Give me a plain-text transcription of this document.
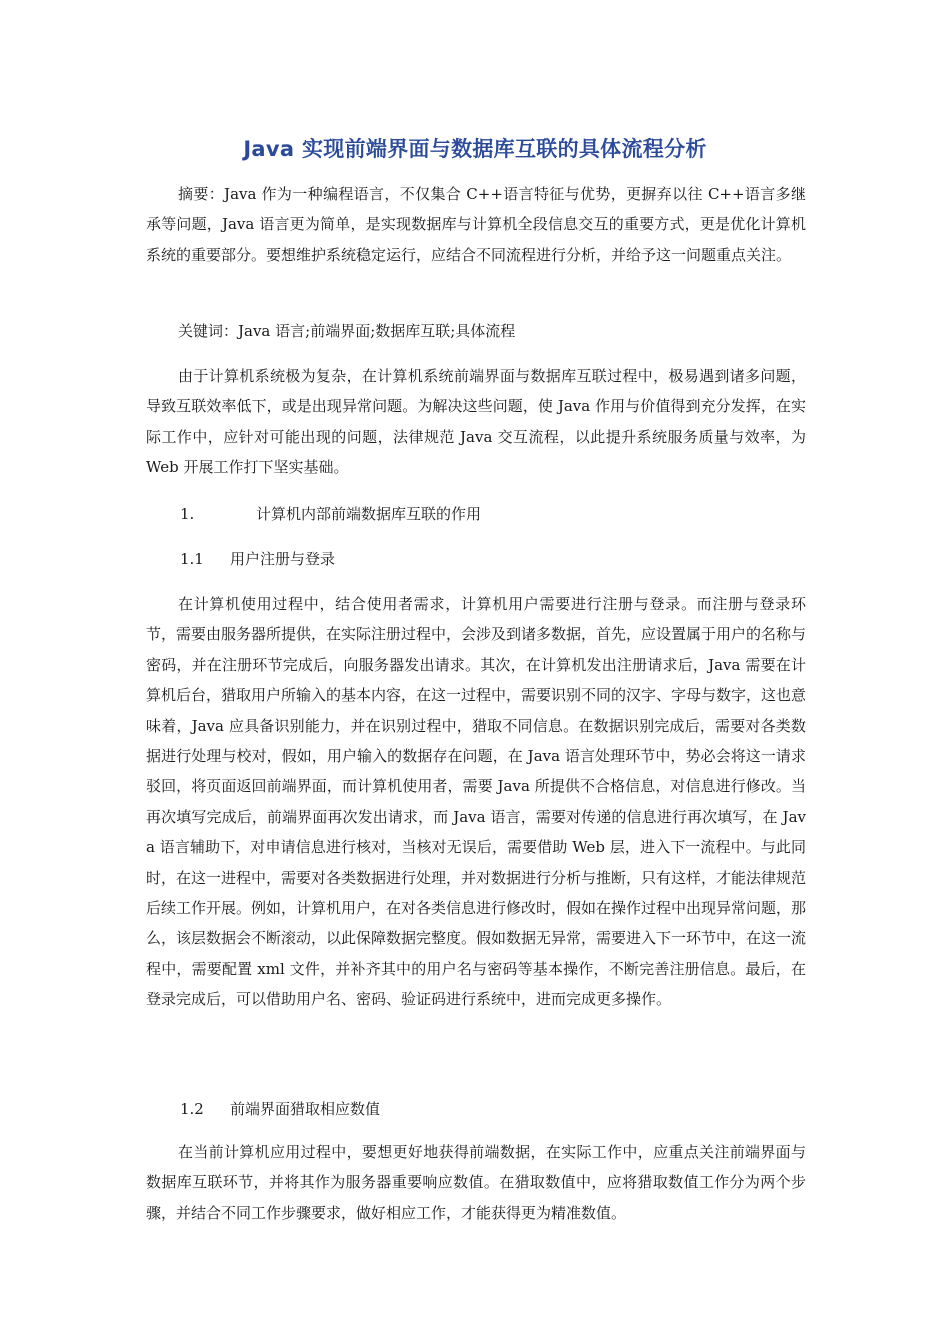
Java 实现前端界面与数据库互联的具体流程分析

摘要：Java 作为一种编程语言，不仅集合 C++语言特征与优势，更摒弃以往 C++语言多继承等问题，Java 语言更为简单，是实现数据库与计算机全段信息交互的重要方式，更是优化计算机系统的重要部分。要想维护系统稳定运行，应结合不同流程进行分析，并给予这一问题重点关注。

关键词：Java 语言;前端界面;数据库互联;具体流程

由于计算机系统极为复杂，在计算机系统前端界面与数据库互联过程中，极易遇到诸多问题，导致互联效率低下，或是出现异常问题。为解决这些问题，使 Java 作用与价值得到充分发挥，在实际工作中，应针对可能出现的问题，法律规范 Java 交互流程，以此提升系统服务质量与效率，为 Web 开展工作打下坚实基础。

1.	计算机内部前端数据库互联的作用
1.1 用户注册与登录

在计算机使用过程中，结合使用者需求，计算机用户需要进行注册与登录。而注册与登录环节，需要由服务器所提供，在实际注册过程中，会涉及到诸多数据，首先，应设置属于用户的名称与密码，并在注册环节完成后，向服务器发出请求。其次，在计算机发出注册请求后，Java 需要在计算机后台，猎取用户所输入的基本内容，在这一过程中，需要识别不同的汉字、字母与数字，这也意味着，Java 应具备识别能力，并在识别过程中，猎取不同信息。在数据识别完成后，需要对各类数据进行处理与校对，假如，用户输入的数据存在问题，在 Java 语言处理环节中，势必会将这一请求驳回，将页面返回前端界面，而计算机使用者，需要 Java 所提供不合格信息，对信息进行修改。当再次填写完成后，前端界面再次发出请求，而 Java 语言，需要对传递的信息进行再次填写，在 Java 语言辅助下，对申请信息进行核对，当核对无误后，需要借助 Web 层，进入下一流程中。与此同时，在这一进程中，需要对各类数据进行处理，并对数据进行分析与推断，只有这样，才能法律规范后续工作开展。例如，计算机用户，在对各类信息进行修改时，假如在操作过程中出现异常问题，那么，该层数据会不断滚动，以此保障数据完整度。假如数据无异常，需要进入下一环节中，在这一流程中，需要配置 xml 文件，并补齐其中的用户名与密码等基本操作，不断完善注册信息。最后，在登录完成后，可以借助用户名、密码、验证码进行系统中，进而完成更多操作。

1.2 前端界面猎取相应数值

在当前计算机应用过程中，要想更好地获得前端数据，在实际工作中，应重点关注前端界面与数据库互联环节，并将其作为服务器重要响应数值。在猎取数值中，应将猎取数值工作分为两个步骤，并结合不同工作步骤要求，做好相应工作，才能获得更为精准数值。
